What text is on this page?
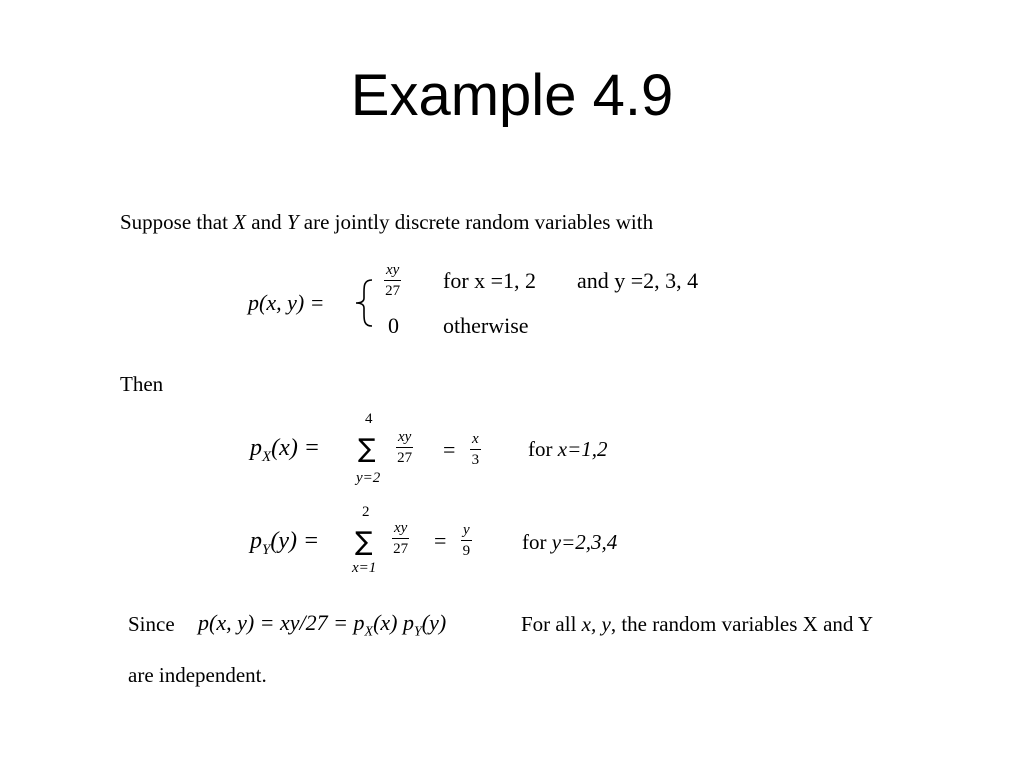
Example 4.9
Suppose that X and Y are jointly discrete random variables with
p(x, y) =
$\frac{xy}{27}$ for x =1, 2 and y =2, 3, 4
0 otherwise
Then
$p_X(x)$ =
4
∑
y=2
$\frac{xy}{27} = \frac{x}{3}$ for x=1,2
$p_Y(y)$ =
2
∑
x=1
$\frac{xy}{27} = \frac{y}{9}$ for y=2,3,4
Since p(x, $y) = xy/27 = p_X(x)$ $p_Y(y)$	For all x, y, the random variables X and Y
are independent.
